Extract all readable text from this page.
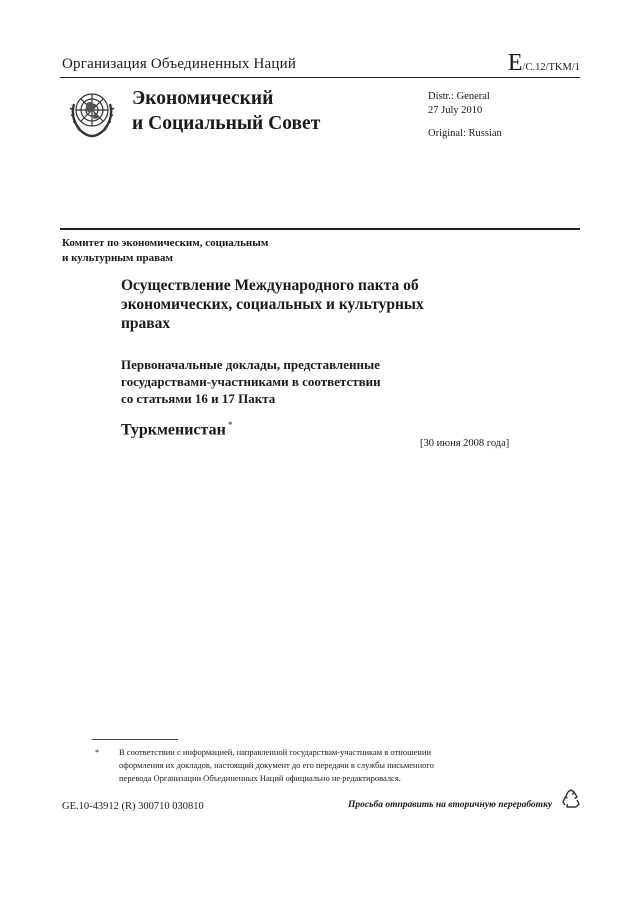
Организация Объединенных Наций	E/C.12/TKM/1
Экономический
и Социальный Совет
Distr.: General
27 July 2010
Original: Russian
Комитет по экономическим, социальным
и культурным правам
Осуществление Международного пакта об
экономических, социальных и культурных
правах
Первоначальные доклады, представленные
государствами-участниками в соответствии
со статьями 16 и 17 Пакта
Туркменистан *
[30 июня 2008 года]
* В соответствии с информацией, направленной государствам-участникам в отношении
оформления их докладов, настоящий документ до его передачи в службы письменного
перевода Организации Объединенных Наций официально не редактировался.
GE.10-43912 (R) 300710 030810	Просьба отправить на вторичную переработку
